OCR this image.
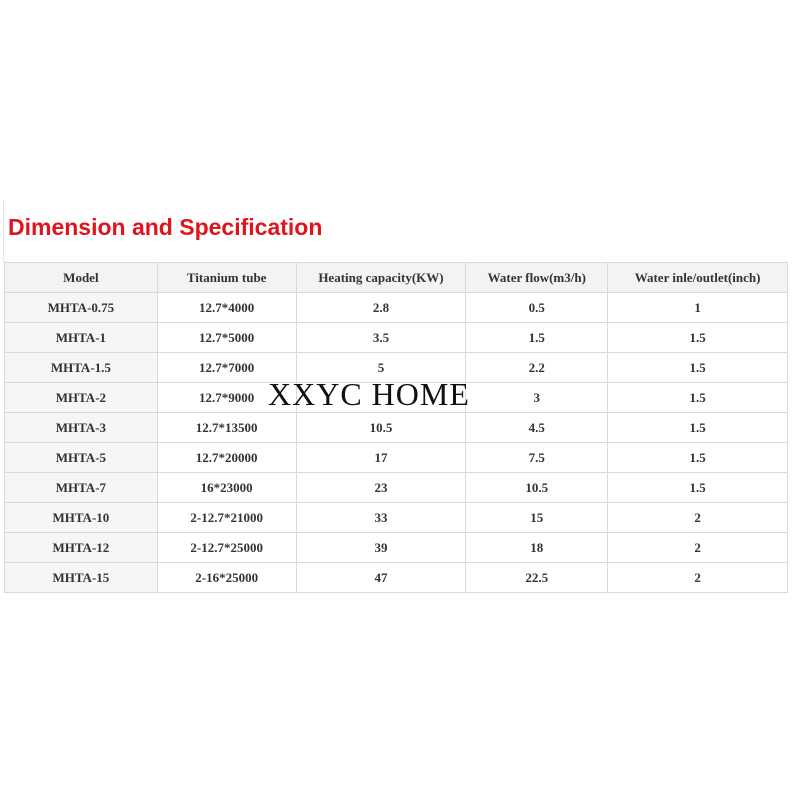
Dimension and Specification
Model	Titanium tube	Heating capacity(KW)	Water flow(m3/h)	Water inle/outlet(inch)
MHTA-0.75	12.7*4000	2.8	0.5	1
MHTA-1	12.7*5000	3.5	1.5	1.5
MHTA-1.5	12.7*7000	5	2.2	1.5
MHTA-2	12.7*9000		3	1.5
MHTA-3	12.7*13500	10.5	4.5	1.5
MHTA-5	12.7*20000	17	7.5	1.5
MHTA-7	16*23000	23	10.5	1.5
MHTA-10	2-12.7*21000	33	15	2
MHTA-12	2-12.7*25000	39	18	2
MHTA-15	2-16*25000	47	22.5	2
XXYC HOME
